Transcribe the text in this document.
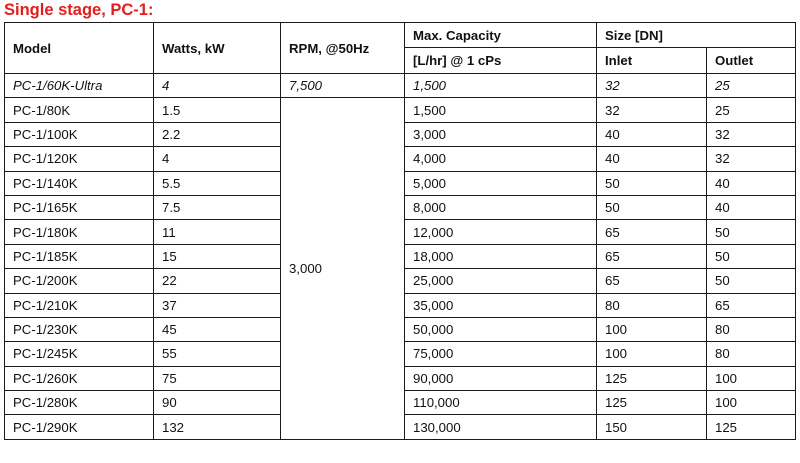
Single stage, PC-1:
Model	Watts, kW	RPM, @50Hz	Max. Capacity	Size [DN]	
			[L/hr] @ 1 cPs	Inlet	Outlet
PC-1/60K-Ultra	4	7,500	1,500	32	25
PC-1/80K	1.5	3,000	1,500	32	25
PC-1/100K	2.2		3,000	40	32
PC-1/120K	4		4,000	40	32
PC-1/140K	5.5		5,000	50	40
PC-1/165K	7.5		8,000	50	40
PC-1/180K	11		12,000	65	50
PC-1/185K	15		18,000	65	50
PC-1/200K	22		25,000	65	50
PC-1/210K	37		35,000	80	65
PC-1/230K	45		50,000	100	80
PC-1/245K	55		75,000	100	80
PC-1/260K	75		90,000	125	100
PC-1/280K	90		110,000	125	100
PC-1/290K	132		130,000	150	125
